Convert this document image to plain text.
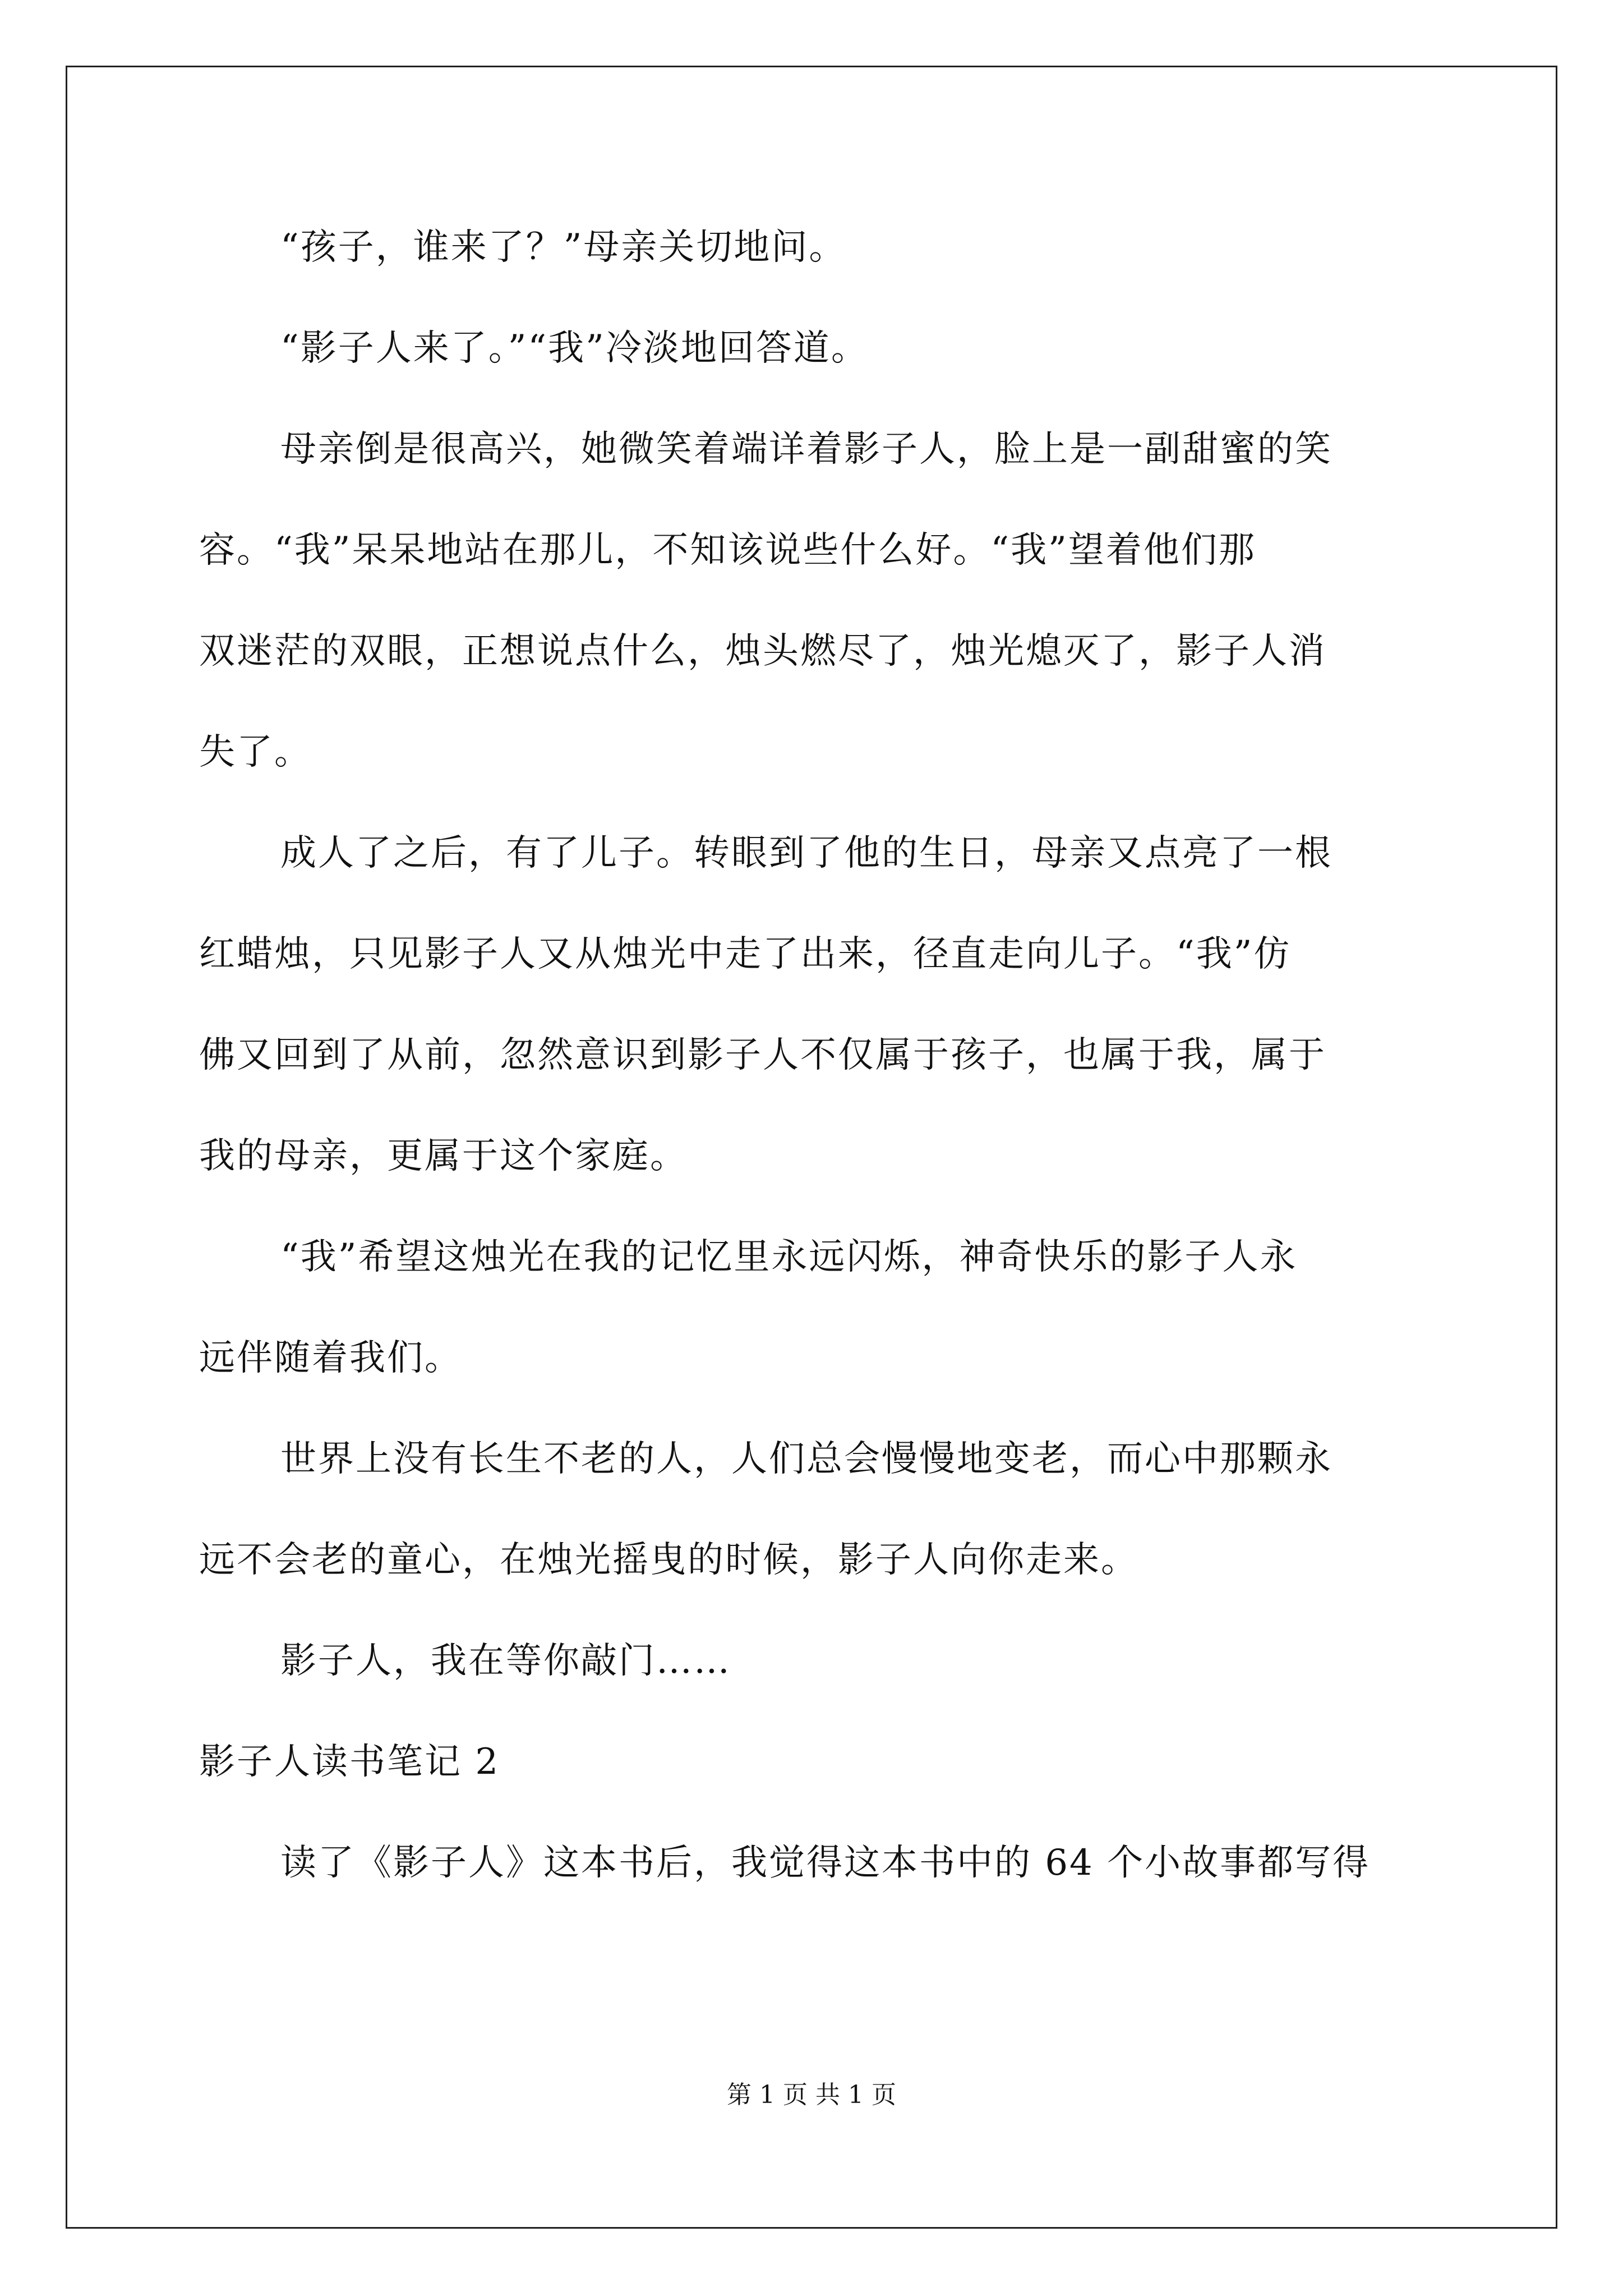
“孩子，谁来了？”母亲关切地问。
“影子人来了。”“我”冷淡地回答道。
母亲倒是很高兴，她微笑着端详着影子人，脸上是一副甜蜜的笑
容。“我”呆呆地站在那儿，不知该说些什么好。“我”望着他们那
双迷茫的双眼，正想说点什么，烛头燃尽了，烛光熄灭了，影子人消
失了。
成人了之后，有了儿子。转眼到了他的生日，母亲又点亮了一根
红蜡烛，只见影子人又从烛光中走了出来，径直走向儿子。“我”仿
佛又回到了从前，忽然意识到影子人不仅属于孩子，也属于我，属于
我的母亲，更属于这个家庭。
“我”希望这烛光在我的记忆里永远闪烁，神奇快乐的影子人永
远伴随着我们。
世界上没有长生不老的人，人们总会慢慢地变老，而心中那颗永
远不会老的童心，在烛光摇曳的时候，影子人向你走来。
影子人，我在等你敲门……
影子人读书笔记 2
读了《影子人》这本书后，我觉得这本书中的 64 个小故事都写得
第 1 页 共 1 页
